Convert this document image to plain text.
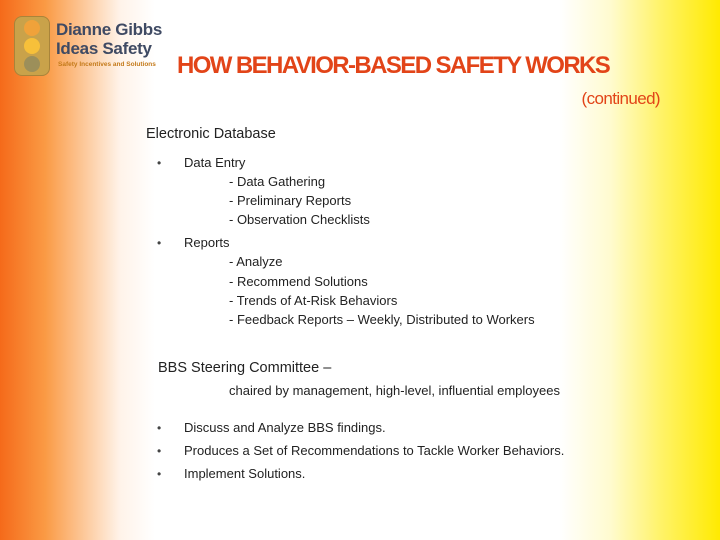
Dianne Gibbs
Ideas Safety
Safety Incentives and Solutions HOW BEHAVIOR-BASED SAFETY WORKS
(continued)
Electronic Database
• Data Entry
- Data Gathering
- Preliminary Reports
- Observation Checklists
• Reports
- Analyze
- Recommend Solutions
- Trends of At-Risk Behaviors
- Feedback Reports – Weekly, Distributed to Workers
BBS Steering Committee –
chaired by management, high-level, influential employees
• Discuss and Analyze BBS findings.
• Produces a Set of Recommendations to Tackle Worker Behaviors.
• Implement Solutions.
